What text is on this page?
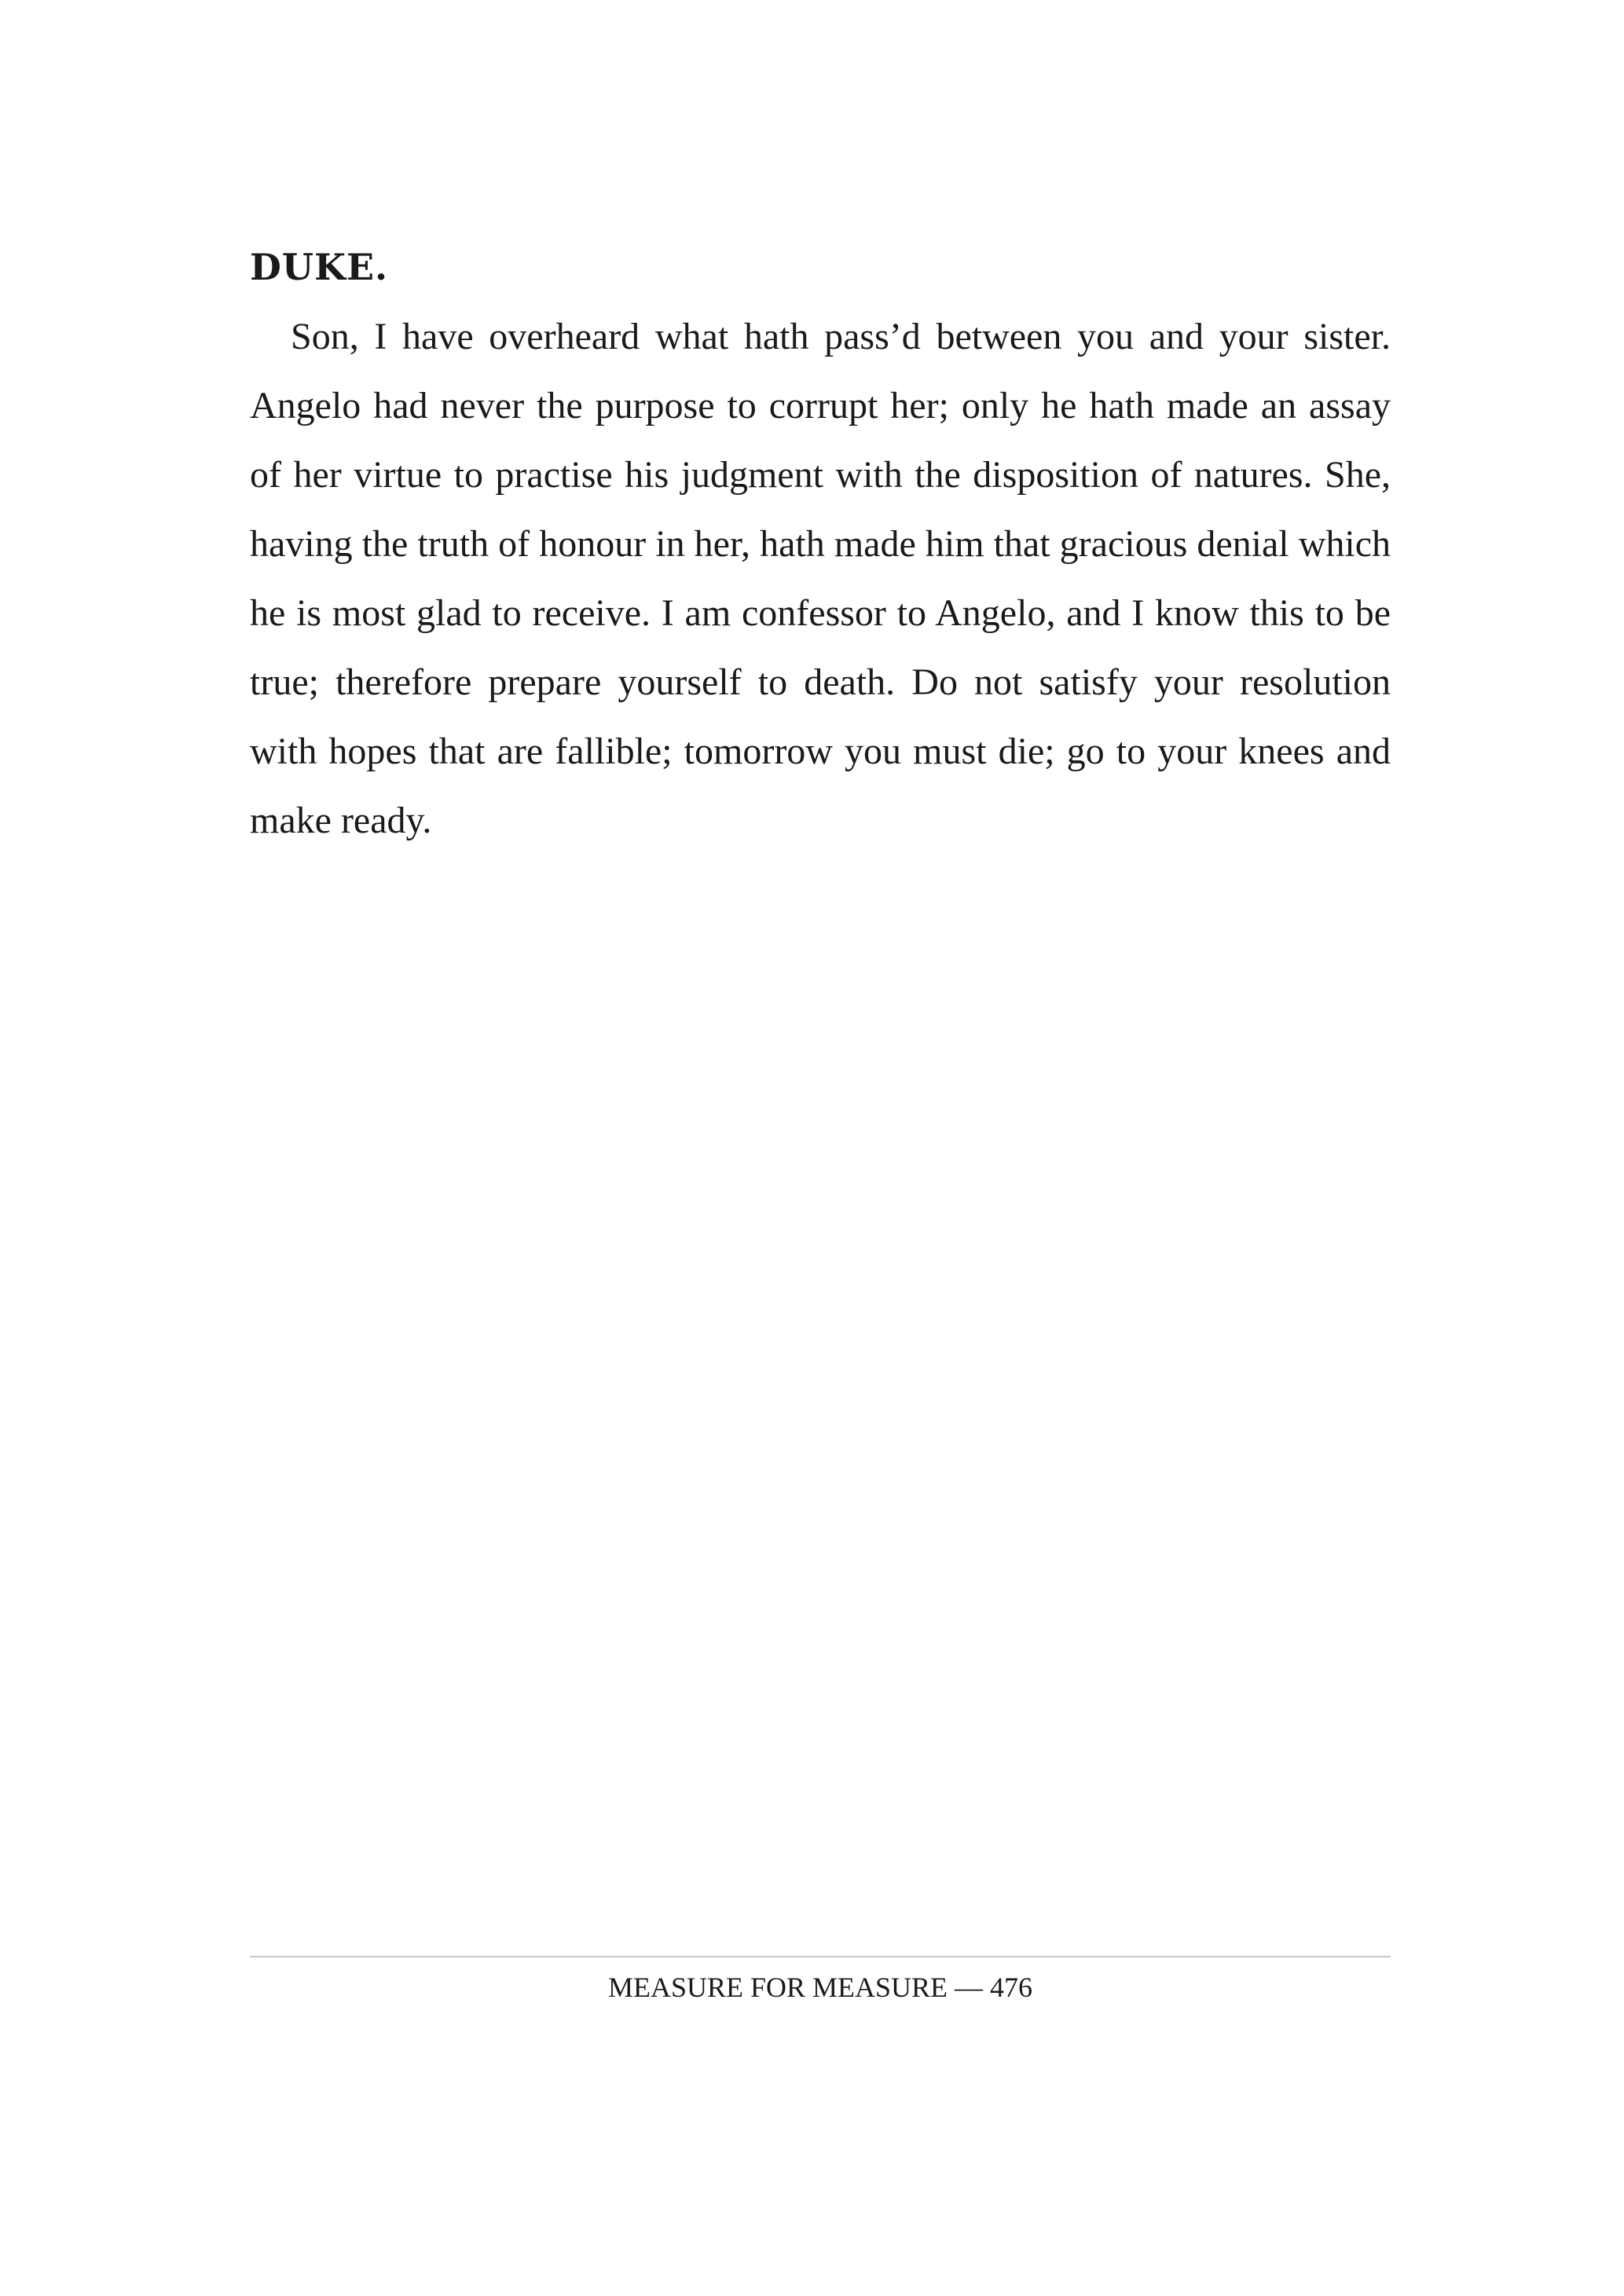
DUKE.

Son, I have overheard what hath pass’d between you and your sister. Angelo had never the purpose to corrupt her; only he hath made an assay of her virtue to practise his judgment with the disposition of natures. She, having the truth of honour in her, hath made him that gracious denial which he is most glad to receive. I am confessor to Angelo, and I know this to be true; therefore prepare yourself to death. Do not satisfy your resolution with hopes that are fallible; tomorrow you must die; go to your knees and make ready.

MEASURE FOR MEASURE — 476
